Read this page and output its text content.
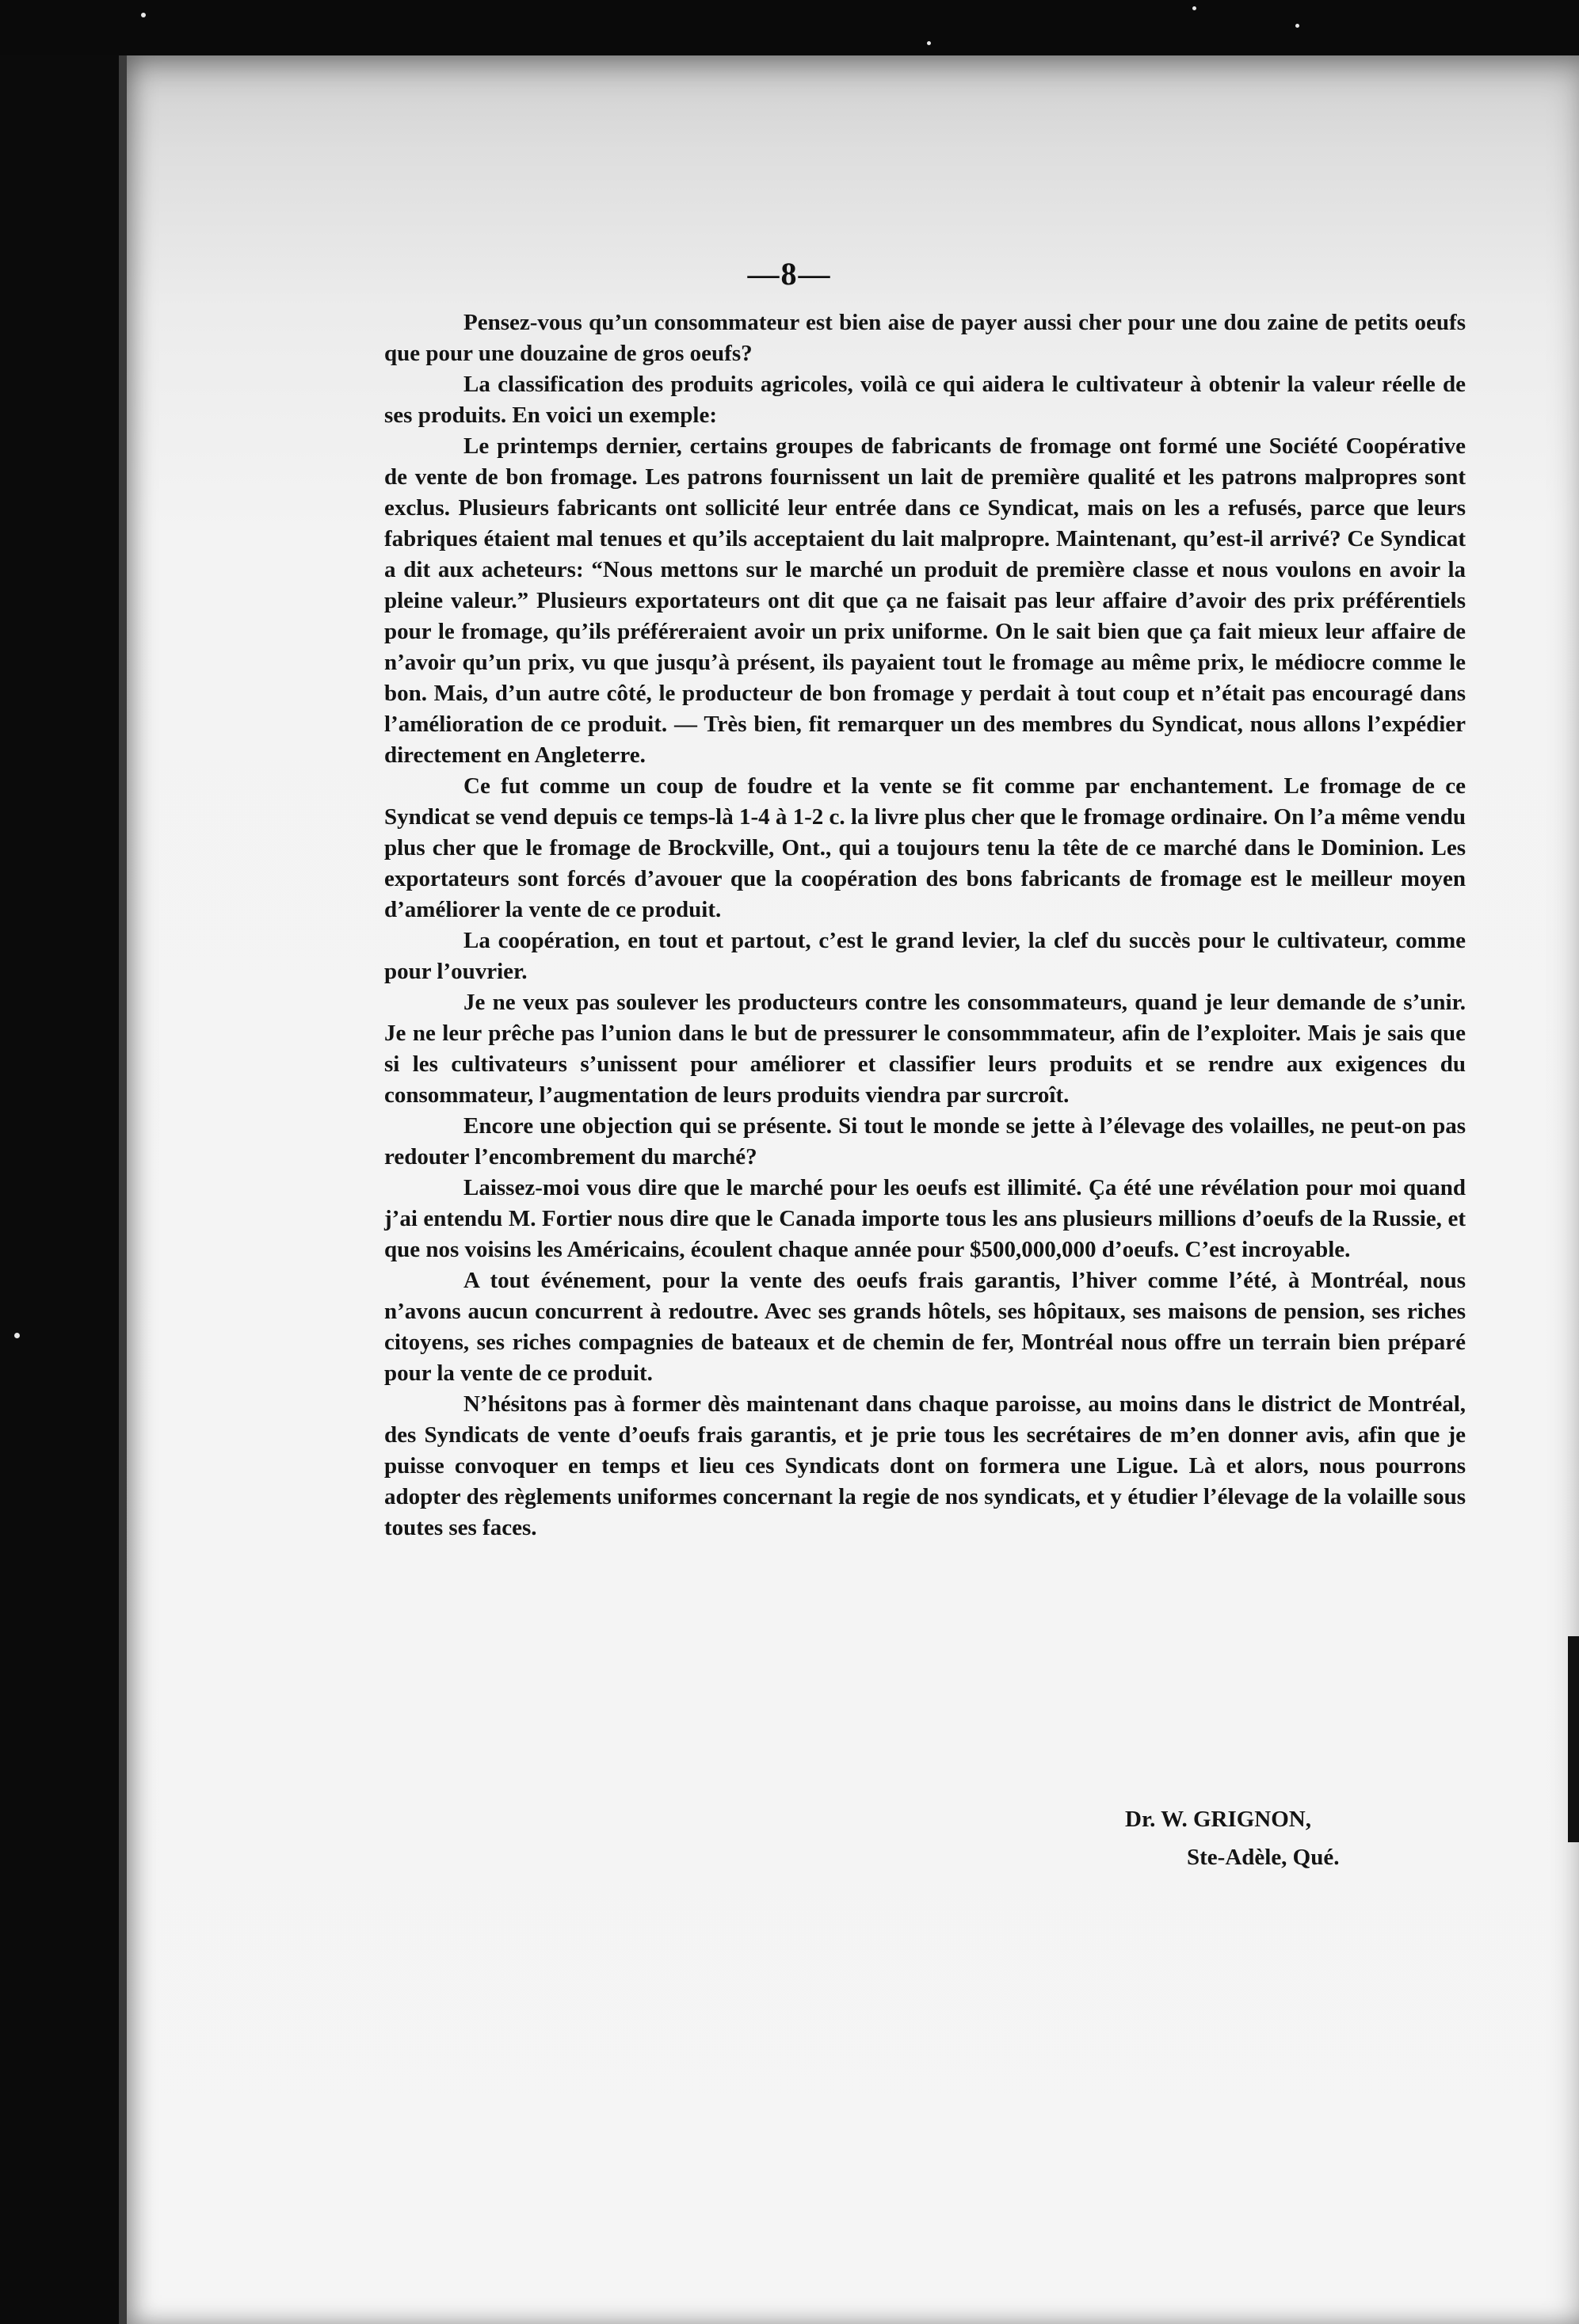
—8—

Pensez-vous qu’un consommateur est bien aise de payer aussi cher pour une dou zaine de petits oeufs que pour une douzaine de gros oeufs?

La classification des produits agricoles, voilà ce qui aidera le cultivateur à obtenir la valeur réelle de ses produits. En voici un exemple:

Le printemps dernier, certains groupes de fabricants de fromage ont formé une Société Coopérative de vente de bon fromage. Les patrons fournissent un lait de première qualité et les patrons malpropres sont exclus. Plusieurs fabricants ont sollicité leur entrée dans ce Syndicat, mais on les a refusés, parce que leurs fabriques étaient mal tenues et qu’ils acceptaient du lait malpropre. Maintenant, qu’est-il arrivé? Ce Syndicat a dit aux acheteurs: “Nous mettons sur le marché un produit de première classe et nous voulons en avoir la pleine valeur.” Plusieurs exportateurs ont dit que ça ne faisait pas leur affaire d’avoir des prix préférentiels pour le fromage, qu’ils préféreraient avoir un prix uniforme. On le sait bien que ça fait mieux leur affaire de n’avoir qu’un prix, vu que jusqu’à présent, ils payaient tout le fromage au même prix, le médiocre comme le bon. Mais, d’un autre côté, le producteur de bon fromage y perdait à tout coup et n’était pas encouragé dans l’amélioration de ce produit. — Très bien, fit remarquer un des membres du Syndicat, nous allons l’expédier directement en Angleterre.

Ce fut comme un coup de foudre et la vente se fit comme par enchantement. Le fromage de ce Syndicat se vend depuis ce temps-là 1-4 à 1-2 c. la livre plus cher que le fromage ordinaire. On l’a même vendu plus cher que le fromage de Brockville, Ont., qui a toujours tenu la tête de ce marché dans le Dominion. Les exportateurs sont forcés d’avouer que la coopération des bons fabricants de fromage est le meilleur moyen d’améliorer la vente de ce produit.

La coopération, en tout et partout, c’est le grand levier, la clef du succès pour le cultivateur, comme pour l’ouvrier.

Je ne veux pas soulever les producteurs contre les consommateurs, quand je leur demande de s’unir. Je ne leur prêche pas l’union dans le but de pressurer le consommmateur, afin de l’exploiter. Mais je sais que si les cultivateurs s’unissent pour améliorer et classifier leurs produits et se rendre aux exigences du consommateur, l’augmentation de leurs produits viendra par surcroît.

Encore une objection qui se présente. Si tout le monde se jette à l’élevage des volailles, ne peut-on pas redouter l’encombrement du marché?

Laissez-moi vous dire que le marché pour les oeufs est illimité. Ça été une révélation pour moi quand j’ai entendu M. Fortier nous dire que le Canada importe tous les ans plusieurs millions d’oeufs de la Russie, et que nos voisins les Américains, écoulent chaque année pour $500,000,000 d’oeufs. C’est incroyable.

A tout événement, pour la vente des oeufs frais garantis, l’hiver comme l’été, à Montréal, nous n’avons aucun concurrent à redoutre. Avec ses grands hôtels, ses hôpitaux, ses maisons de pension, ses riches citoyens, ses riches compagnies de bateaux et de chemin de fer, Montréal nous offre un terrain bien préparé pour la vente de ce produit.

N’hésitons pas à former dès maintenant dans chaque paroisse, au moins dans le district de Montréal, des Syndicats de vente d’oeufs frais garantis, et je prie tous les secrétaires de m’en donner avis, afin que je puisse convoquer en temps et lieu ces Syndicats dont on formera une Ligue. Là et alors, nous pourrons adopter des règlements uniformes concernant la regie de nos syndicats, et y étudier l’élevage de la volaille sous toutes ses faces.

Dr. W. GRIGNON,
Ste-Adèle, Qué.
